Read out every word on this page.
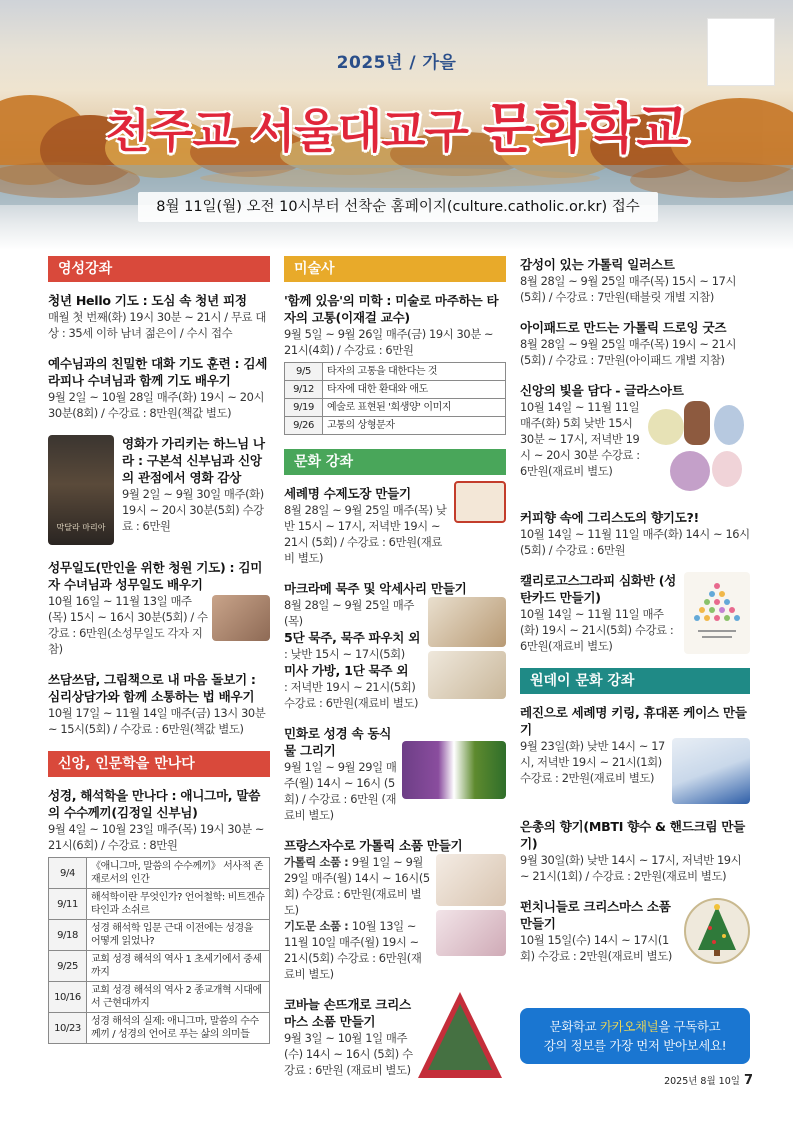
2025년 / 가을
천주교 서울대교구 문화학교
8월 11일(월) 오전 10시부터 선착순 홈페이지(culture.catholic.or.kr) 접수
영성강좌
청년 Hello 기도 : 도심 속 청년 피정
매월 첫 번째(화) 19시 30분 ~ 21시 / 무료 대상 : 35세 이하 남녀 젊은이 / 수시 접수
예수님과의 친밀한 대화 기도 훈련 : 김세라피나 수녀님과 함께 기도 배우기
9월 2일 ~ 10월 28일 매주(화) 19시 ~ 20시 30분(8회) / 수강료 : 8만원(책값 별도)
막달라 마리아
영화가 가리키는 하느님 나라 : 구본석 신부님과 신앙의 관점에서 영화 감상
9월 2일 ~ 9월 30일 매주(화) 19시 ~ 20시 30분(5회) 수강료 : 6만원
성무일도(만인을 위한 청원 기도) : 김미자 수녀님과 성무일도 배우기
10월 16일 ~ 11월 13일 매주(목) 15시 ~ 16시 30분(5회) / 수강료 : 6만원(소성무일도 각자 지참)
쓰담쓰담, 그림책으로 내 마음 돌보기 : 심리상담가와 함께 소통하는 법 배우기
10월 17일 ~ 11월 14일 매주(금) 13시 30분 ~ 15시(5회) / 수강료 : 6만원(책값 별도)
신앙, 인문학을 만나다
성경, 해석학을 만나다 : 애니그마, 말씀의 수수께끼(김정일 신부님)
9월 4일 ~ 10월 23일 매주(목) 19시 30분 ~ 21시(6회) / 수강료 : 8만원
9/4	《애니그마, 말씀의 수수께끼》 서사적 존재로서의 인간
9/11	해석학이란 무엇인가? 언어철학: 비트겐슈타인과 소쉬르
9/18	성경 해석학 입문 근대 이전에는 성경을 어떻게 읽었나?
9/25	교회 성경 해석의 역사 1 초세기에서 중세까지
10/16	교회 성경 해석의 역사 2 종교개혁 시대에서 근현대까지
10/23	성경 해석의 실제: 애니그마, 말씀의 수수께끼 / 성경의 언어로 푸는 삶의 의미들
미술사
'함께 있음'의 미학 : 미술로 마주하는 타자의 고통(이재걸 교수)
9월 5일 ~ 9월 26일 매주(금) 19시 30분 ~ 21시(4회) / 수강료 : 6만원
9/5	타자의 고통을 대한다는 것
9/12	타자에 대한 환대와 애도
9/19	예술로 표현된 '희생양' 이미지
9/26	고통의 상형문자
문화 강좌
세례명 수제도장 만들기
8월 28일 ~ 9월 25일 매주(목) 낮반 15시 ~ 17시, 저녁반 19시 ~ 21시 (5회) / 수강료 : 6만원(재료비 별도)
마크라메 묵주 및 악세사리 만들기
8월 28일 ~ 9월 25일 매주(목)
5단 묵주, 묵주 파우치 외
: 낮반 15시 ~ 17시(5회)
미사 가방, 1단 묵주 외
: 저녁반 19시 ~ 21시(5회) 수강료 : 6만원(재료비 별도)
민화로 성경 속 동식물 그리기
9월 1일 ~ 9월 29일 매주(월) 14시 ~ 16시 (5회) / 수강료 : 6만원 (재료비 별도)
프랑스자수로 가톨릭 소품 만들기
가톨릭 소품 : 9월 1일 ~ 9월 29일 매주(월) 14시 ~ 16시(5회) 수강료 : 6만원(재료비 별도)
기도문 소품 : 10월 13일 ~ 11월 10일 매주(월) 19시 ~ 21시(5회) 수강료 : 6만원(재료비 별도)
코바늘 손뜨개로 크리스마스 소품 만들기
9월 3일 ~ 10월 1일 매주(수) 14시 ~ 16시 (5회) 수강료 : 6만원 (재료비 별도)
감성이 있는 가톨릭 일러스트
8월 28일 ~ 9월 25일 매주(목) 15시 ~ 17시 (5회) / 수강료 : 7만원(태블릿 개별 지참)
아이패드로 만드는 가톨릭 드로잉 굿즈
8월 28일 ~ 9월 25일 매주(목) 19시 ~ 21시 (5회) / 수강료 : 7만원(아이패드 개별 지참)
신앙의 빛을 담다 - 글라스아트
10월 14일 ~ 11월 11일 매주(화) 5회 낮반 15시 30분 ~ 17시, 저녁반 19시 ~ 20시 30분 수강료 : 6만원(재료비 별도)
커피향 속에 그리스도의 향기도?!
10월 14일 ~ 11월 11일 매주(화) 14시 ~ 16시 (5회) / 수강료 : 6만원
캘리로고스그라피 심화반 (성탄카드 만들기)
10월 14일 ~ 11월 11일 매주(화) 19시 ~ 21시(5회) 수강료 : 6만원(재료비 별도)
원데이 문화 강좌
레진으로 세례명 키링, 휴대폰 케이스 만들기
9월 23일(화) 낮반 14시 ~ 17시, 저녁반 19시 ~ 21시(1회) 수강료 : 2만원(재료비 별도)
은총의 향기(MBTI 향수 & 핸드크림 만들기)
9월 30일(화) 낮반 14시 ~ 17시, 저녁반 19시 ~ 21시(1회) / 수강료 : 2만원(재료비 별도)
펀치니들로 크리스마스 소품 만들기
10월 15일(수) 14시 ~ 17시(1회) 수강료 : 2만원(재료비 별도)
문화학교 카카오채널을 구독하고
강의 정보를 가장 먼저 받아보세요!
2025년 8월 10일 7
